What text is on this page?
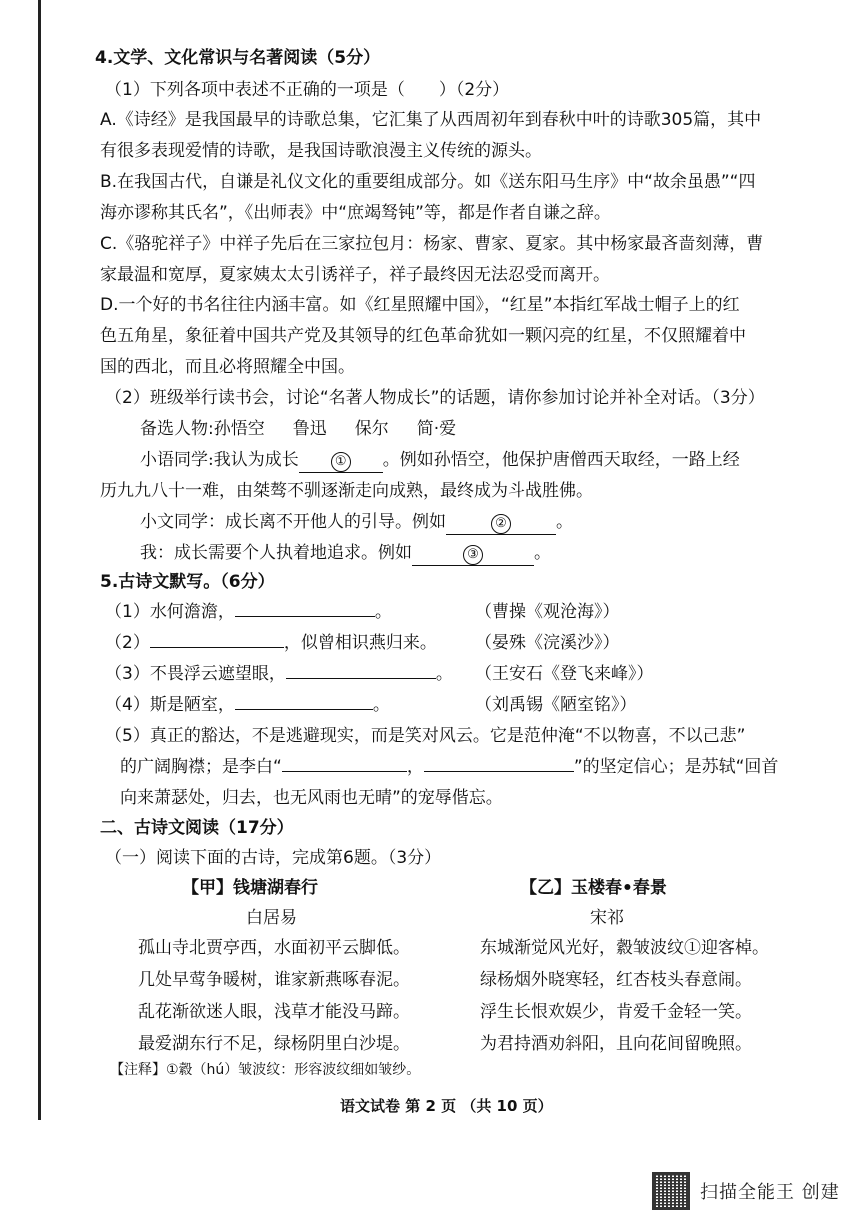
4.文学、文化常识与名著阅读（5分）
（1）下列各项中表述不正确的一项是（　　）（2分）
A.《诗经》是我国最早的诗歌总集，它汇集了从西周初年到春秋中叶的诗歌305篇，其中
有很多表现爱情的诗歌，是我国诗歌浪漫主义传统的源头。
B.在我国古代，自谦是礼仪文化的重要组成部分。如《送东阳马生序》中“故余虽愚”“四
海亦谬称其氏名”，《出师表》中“庶竭驽钝”等，都是作者自谦之辞。
C.《骆驼祥子》中祥子先后在三家拉包月：杨家、曹家、夏家。其中杨家最吝啬刻薄，曹
家最温和宽厚，夏家姨太太引诱祥子，祥子最终因无法忍受而离开。
D.一个好的书名往往内涵丰富。如《红星照耀中国》，“红星”本指红军战士帽子上的红
色五角星，象征着中国共产党及其领导的红色革命犹如一颗闪亮的红星，不仅照耀着中
国的西北，而且必将照耀全中国。
（2）班级举行读书会，讨论“名著人物成长”的话题，请你参加讨论并补全对话。（3分）
备选人物:孙悟空 鲁迅 保尔 简·爱
小语同学:我认为成长	① 。例如孙悟空，他保护唐僧西天取经，一路上经
历九九八十一难，由桀骜不驯逐渐走向成熟，最终成为斗战胜佛。
小文同学：成长离不开他人的引导。例如	②	。
我：成长需要个人执着地追求。例如	③	。
5.古诗文默写。（6分）
（1）水何澹澹，	。	（曹操《观沧海》）
（2）	，似曾相识燕归来。 （晏殊《浣溪沙》）
（3）不畏浮云遮望眼，	。 （王安石《登飞来峰》）
（4）斯是陋室，	。	（刘禹锡《陋室铭》）
（5）真正的豁达，不是逃避现实，而是笑对风云。它是范仲淹“不以物喜，不以己悲”
的广阔胸襟；是李白“	，	”的坚定信心；是苏轼“回首
向来萧瑟处，归去，也无风雨也无晴”的宠辱偕忘。
二、古诗文阅读（17分）
（一）阅读下面的古诗，完成第6题。（3分）
【甲】钱塘湖春行
白居易
孤山寺北贾亭西，水面初平云脚低。
几处早莺争暖树，谁家新燕啄春泥。
乱花渐欲迷人眼，浅草才能没马蹄。
最爱湖东行不足，绿杨阴里白沙堤。
【乙】玉楼春•春景
宋祁
东城渐觉风光好，縠皱波纹①迎客棹。
绿杨烟外晓寒轻，红杏枝头春意闹。
浮生长恨欢娱少，肯爱千金轻一笑。
为君持酒劝斜阳，且向花间留晚照。
【注释】①縠（hú）皱波纹：形容波纹细如皱纱。
语文试卷 第 2 页 （共 10 页）
扫描全能王 创建
